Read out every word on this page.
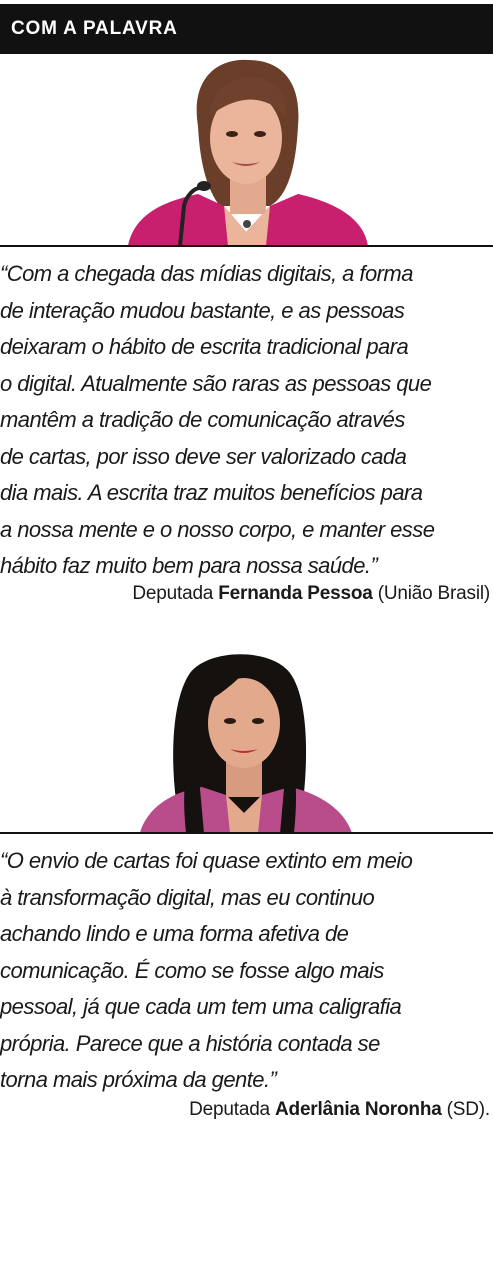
COM A PALAVRA

“Com a chegada das mídias digitais, a forma
de interação mudou bastante, e as pessoas
deixaram o hábito de escrita tradicional para
o digital. Atualmente são raras as pessoas que
mantêm a tradição de comunicação através
de cartas, por isso deve ser valorizado cada
dia mais. A escrita traz muitos benefícios para
a nossa mente e o nosso corpo, e manter esse
hábito faz muito bem para nossa saúde.”

Deputada Fernanda Pessoa (União Brasil)

“O envio de cartas foi quase extinto em meio
à transformação digital, mas eu continuo
achando lindo e uma forma afetiva de
comunicação. É como se fosse algo mais
pessoal, já que cada um tem uma caligrafia
própria. Parece que a história contada se
torna mais próxima da gente.”

Deputada Aderlânia Noronha (SD).
